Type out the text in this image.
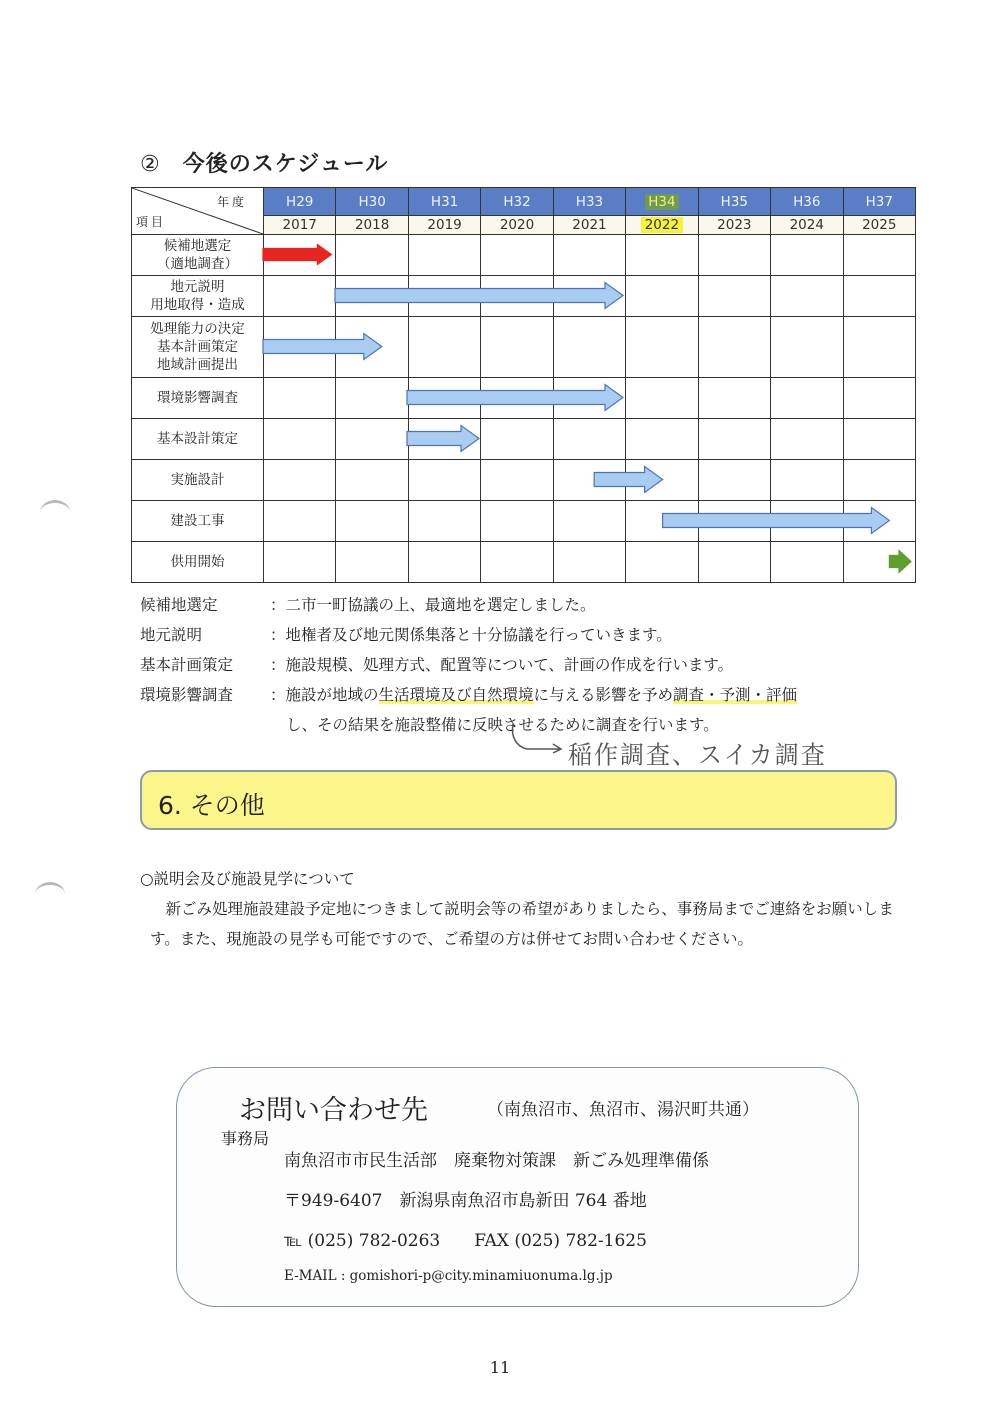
② 今後のスケジュール
年度
項目	H29	H30	H31	H32	H33	H34	H35	H36	H37
	2017	2018	2019	2020	2021	2022	2023	2024	2025

候補地選定
（適地調査）									

地元説明
用地取得・造成									

処理能力の決定
基本計画策定
地域計画提出									

環境影響調査									

基本設計策定									

実施設計									

建設工事									

供用開始									

候補地選定	：二市一町協議の上、最適地を選定しました。
地元説明	：地権者及び地元関係集落と十分協議を行っていきます。
基本計画策定	：施設規模、処理方式、配置等について、計画の作成を行います。
環境影響調査	：施設が地域の生活環境及び自然環境に与える影響を予め調査・予測・評価
し、その結果を施設整備に反映させるために調査を行います。
稲作調査、スイカ調査
6. その他
○説明会及び施設見学について
新ごみ処理施設建設予定地につきまして説明会等の希望がありましたら、事務局までご連絡をお願いします。また、現施設の見学も可能ですので、ご希望の方は併せてお問い合わせください。
お問い合わせ先	（南魚沼市、魚沼市、湯沢町共通）
事務局
南魚沼市市民生活部　廃棄物対策課　新ごみ処理準備係
〒949-6407　新潟県南魚沼市島新田 764 番地
℡ (025) 782-0263　　FAX (025) 782-1625
E-MAIL : gomishori-p@city.minamiuonuma.lg.jp
11
